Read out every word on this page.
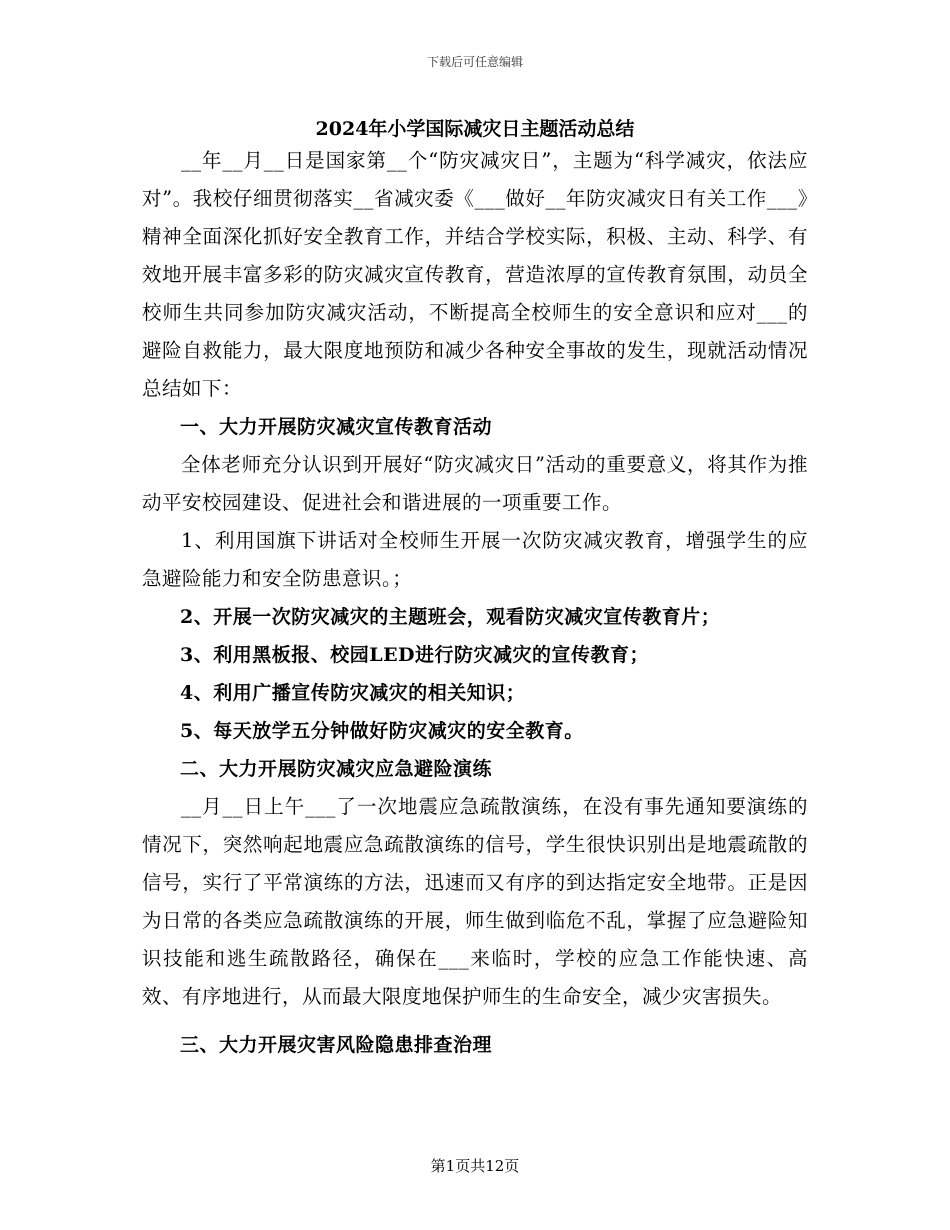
下载后可任意编辑
2024年小学国际减灾日主题活动总结

__年__月__日是国家第__个“防灾减灾日”，主题为“科学减灾，依法应对”。我校仔细贯彻落实__省减灾委《___做好__年防灾减灾日有关工作___》精神全面深化抓好安全教育工作，并结合学校实际，积极、主动、科学、有效地开展丰富多彩的防灾减灾宣传教育，营造浓厚的宣传教育氛围，动员全校师生共同参加防灾减灾活动，不断提高全校师生的安全意识和应对___的避险自救能力，最大限度地预防和减少各种安全事故的发生，现就活动情况总结如下：

一、大力开展防灾减灾宣传教育活动

全体老师充分认识到开展好“防灾减灾日”活动的重要意义，将其作为推动平安校园建设、促进社会和谐进展的一项重要工作。

1、利用国旗下讲话对全校师生开展一次防灾减灾教育，增强学生的应急避险能力和安全防患意识。；

2、开展一次防灾减灾的主题班会，观看防灾减灾宣传教育片；

3、利用黑板报、校园LED进行防灾减灾的宣传教育；

4、利用广播宣传防灾减灾的相关知识；

5、每天放学五分钟做好防灾减灾的安全教育。

二、大力开展防灾减灾应急避险演练

__月__日上午___了一次地震应急疏散演练，在没有事先通知要演练的情况下，突然响起地震应急疏散演练的信号，学生很快识别出是地震疏散的信号，实行了平常演练的方法，迅速而又有序的到达指定安全地带。正是因为日常的各类应急疏散演练的开展，师生做到临危不乱，掌握了应急避险知识技能和逃生疏散路径，确保在___来临时，学校的应急工作能快速、高效、有序地进行，从而最大限度地保护师生的生命安全，减少灾害损失。

三、大力开展灾害风险隐患排查治理

第1页共12页
